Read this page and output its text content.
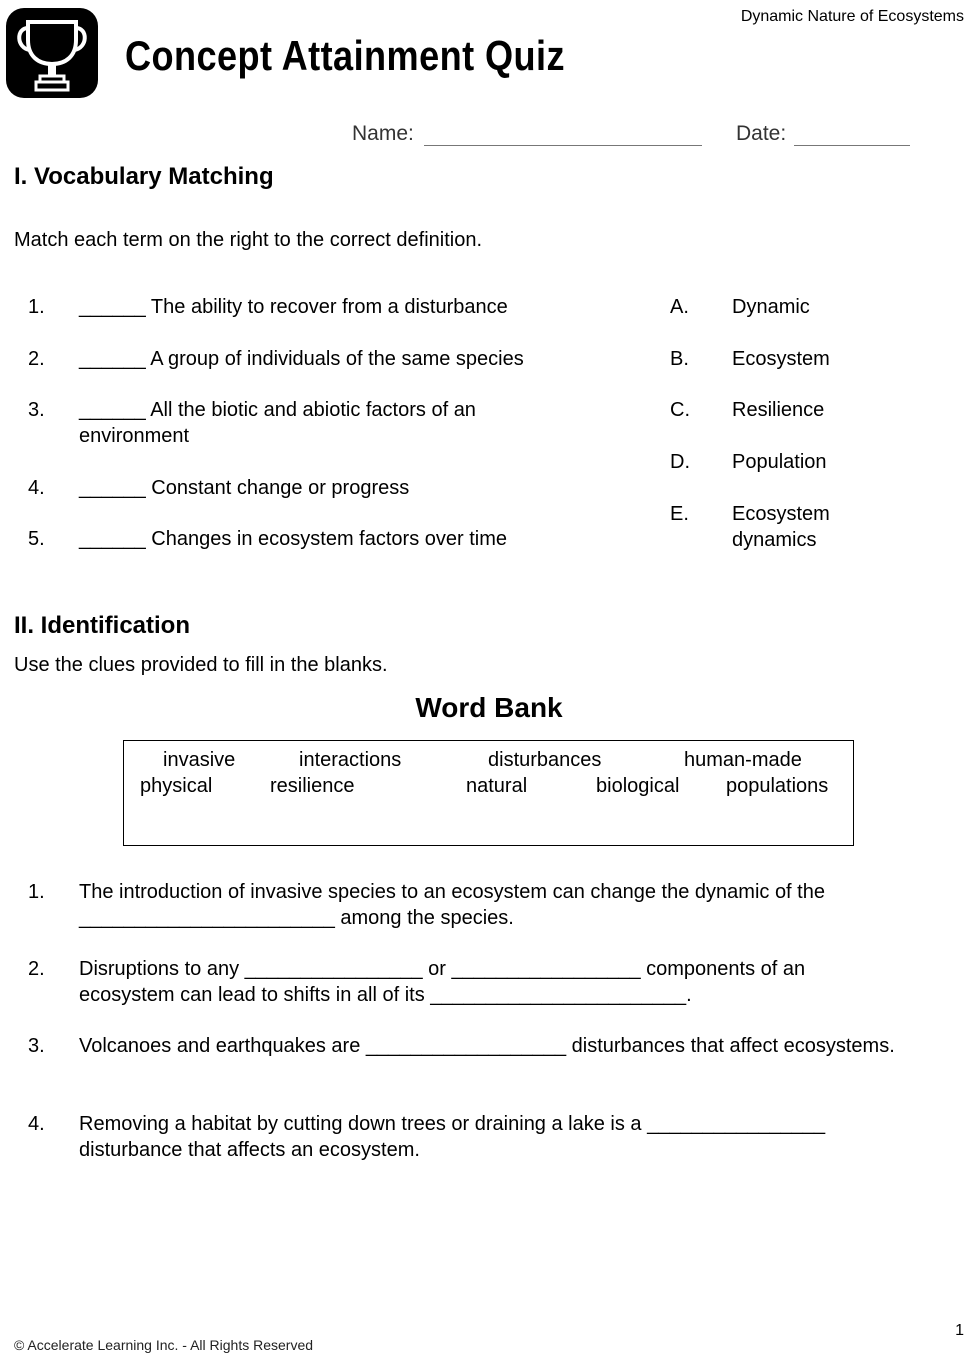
Dynamic Nature of Ecosystems
Concept Attainment Quiz
Name:	Date:
I. Vocabulary Matching
Match each term on the right to the correct definition.
1.	______ The ability to recover from a disturbance
2.	______ A group of individuals of the same species
3.	______ All the biotic and abiotic factors of an environment
4.	______ Constant change or progress
5.	______ Changes in ecosystem factors over time
A. Dynamic
B. Ecosystem
C. Resilience
D. Population
E. Ecosystem dynamics
II. Identification
Use the clues provided to fill in the blanks.
Word Bank
invasive	interactions	disturbances	human-made
physical	resilience	natural	biological populations
1.	The introduction of invasive species to an ecosystem can change the dynamic of the _______________________ among the species.
2.	Disruptions to any ________________ or _________________ components of an ecosystem can lead to shifts in all of its _______________________.
3.	Volcanoes and earthquakes are __________________ disturbances that affect ecosystems.
4.	Removing a habitat by cutting down trees or draining a lake is a ________________ disturbance that affects an ecosystem.
© Accelerate Learning Inc. - All Rights Reserved
1
